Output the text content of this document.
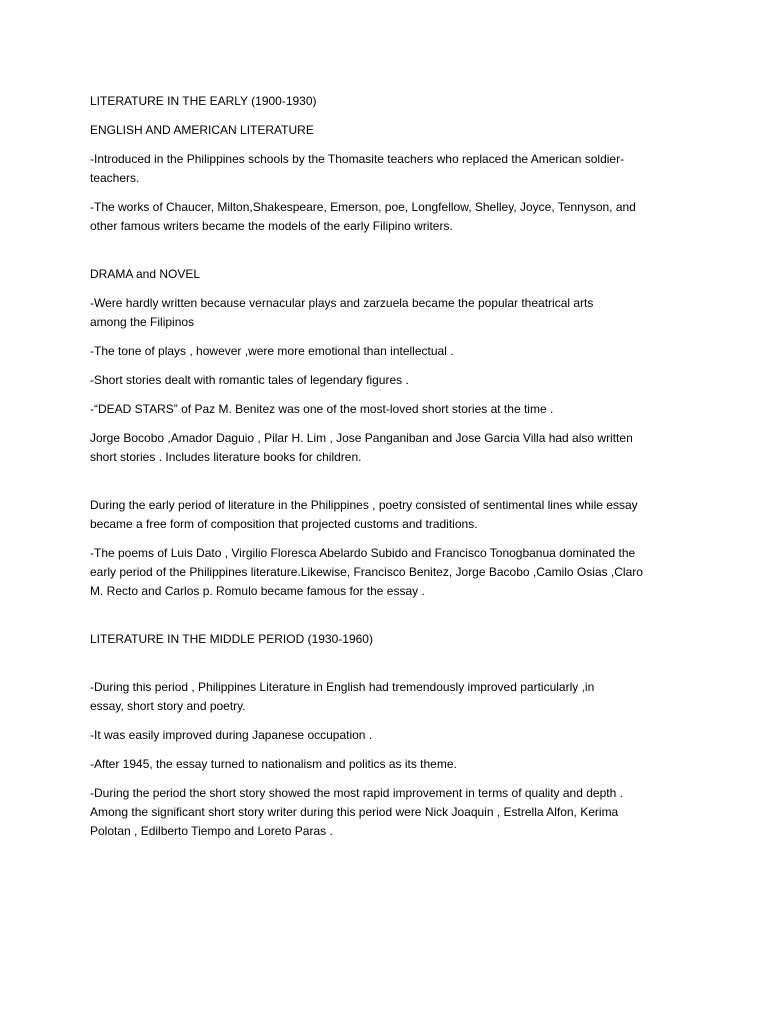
LITERATURE IN THE EARLY (1900-1930)
ENGLISH AND AMERICAN LITERATURE
-Introduced in the Philippines schools by the Thomasite teachers who replaced the American soldier-
teachers.
-The works of Chaucer, Milton,Shakespeare, Emerson, poe, Longfellow, Shelley, Joyce, Tennyson, and
other famous writers became the models of the early Filipino writers.
DRAMA and NOVEL
-Were hardly written because vernacular plays and zarzuela became the popular theatrical arts
among the Filipinos
-The tone of plays , however ,were more emotional than intellectual .
-Short stories dealt with romantic tales of legendary figures .
-“DEAD STARS” of Paz M. Benitez was one of the most-loved short stories at the time .
Jorge Bocobo ,Amador Daguio , Pilar H. Lim , Jose Panganiban and Jose Garcia Villa had also written
short stories . Includes literature books for children.
During the early period of literature in the Philippines , poetry consisted of sentimental lines while essay
became a free form of composition that projected customs and traditions.
-The poems of Luis Dato , Virgilio Floresca Abelardo Subido and Francisco Tonogbanua dominated the
early period of the Philippines literature.Likewise, Francisco Benitez, Jorge Bacobo ,Camilo Osias ,Claro
M. Recto and Carlos p. Romulo became famous for the essay .
LITERATURE IN THE MIDDLE PERIOD (1930-1960)
-During this period , Philippines Literature in English had tremendously improved particularly ,in
essay, short story and poetry.
-It was easily improved during Japanese occupation .
-After 1945, the essay turned to nationalism and politics as its theme.
-During the period the short story showed the most rapid improvement in terms of quality and depth .
Among the significant short story writer during this period were Nick Joaquin , Estrella Alfon, Kerima
Polotan , Edilberto Tiempo and Loreto Paras .
